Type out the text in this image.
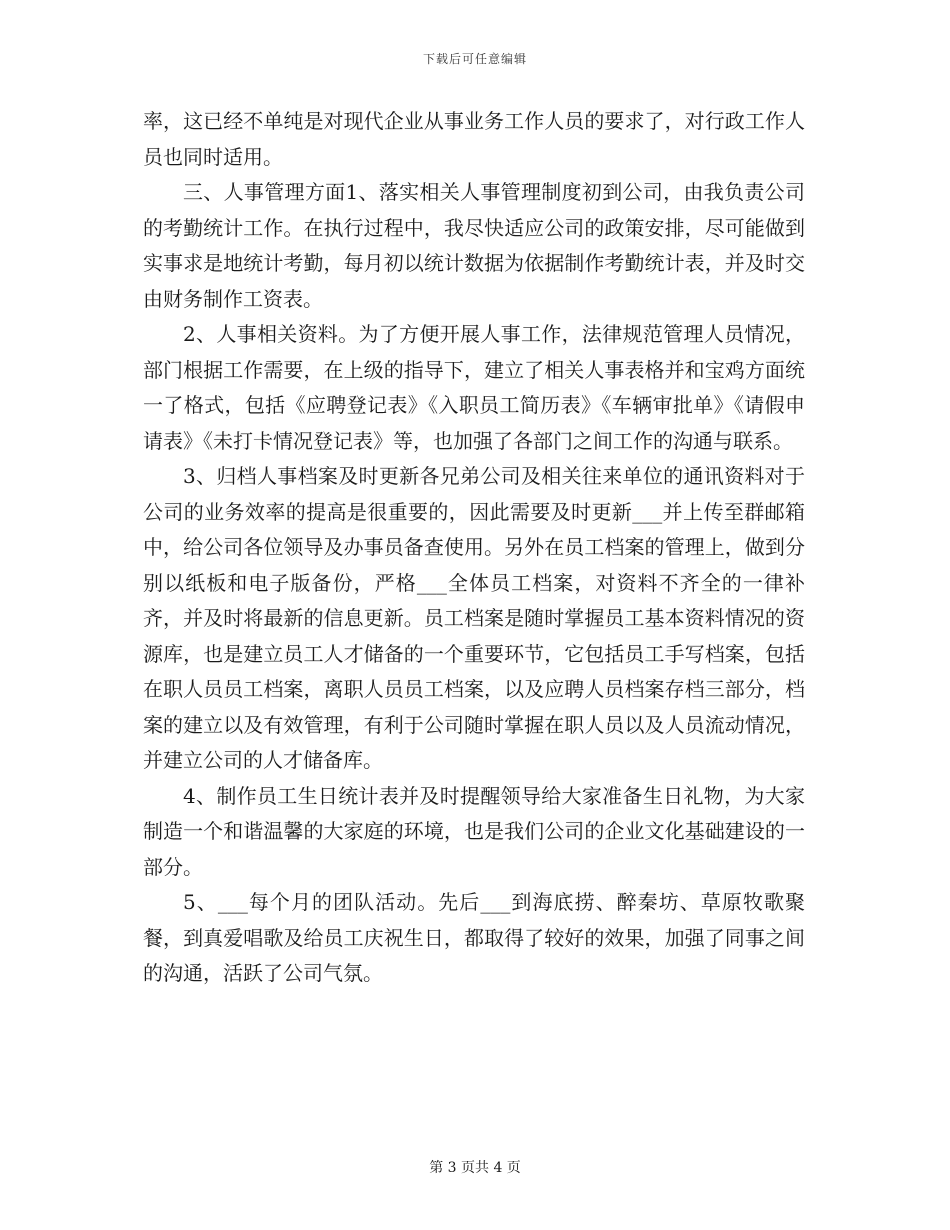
下载后可任意编辑

率，这已经不单纯是对现代企业从事业务工作人员的要求了，对行政工作人员也同时适用。

三、人事管理方面1、落实相关人事管理制度初到公司，由我负责公司的考勤统计工作。在执行过程中，我尽快适应公司的政策安排，尽可能做到实事求是地统计考勤，每月初以统计数据为依据制作考勤统计表，并及时交由财务制作工资表。

2、人事相关资料。为了方便开展人事工作，法律规范管理人员情况，部门根据工作需要，在上级的指导下，建立了相关人事表格并和宝鸡方面统一了格式，包括《应聘登记表》《入职员工简历表》《车辆审批单》《请假申请表》《未打卡情况登记表》等，也加强了各部门之间工作的沟通与联系。

3、归档人事档案及时更新各兄弟公司及相关往来单位的通讯资料对于公司的业务效率的提高是很重要的，因此需要及时更新___并上传至群邮箱中，给公司各位领导及办事员备查使用。另外在员工档案的管理上，做到分别以纸板和电子版备份，严格___全体员工档案，对资料不齐全的一律补齐，并及时将最新的信息更新。员工档案是随时掌握员工基本资料情况的资源库，也是建立员工人才储备的一个重要环节，它包括员工手写档案，包括在职人员员工档案，离职人员员工档案，以及应聘人员档案存档三部分，档案的建立以及有效管理，有利于公司随时掌握在职人员以及人员流动情况，并建立公司的人才储备库。

4、制作员工生日统计表并及时提醒领导给大家准备生日礼物，为大家制造一个和谐温馨的大家庭的环境，也是我们公司的企业文化基础建设的一部分。

5、___每个月的团队活动。先后___到海底捞、醉秦坊、草原牧歌聚餐，到真爱唱歌及给员工庆祝生日，都取得了较好的效果，加强了同事之间的沟通，活跃了公司气氛。

第 3 页共 4 页
